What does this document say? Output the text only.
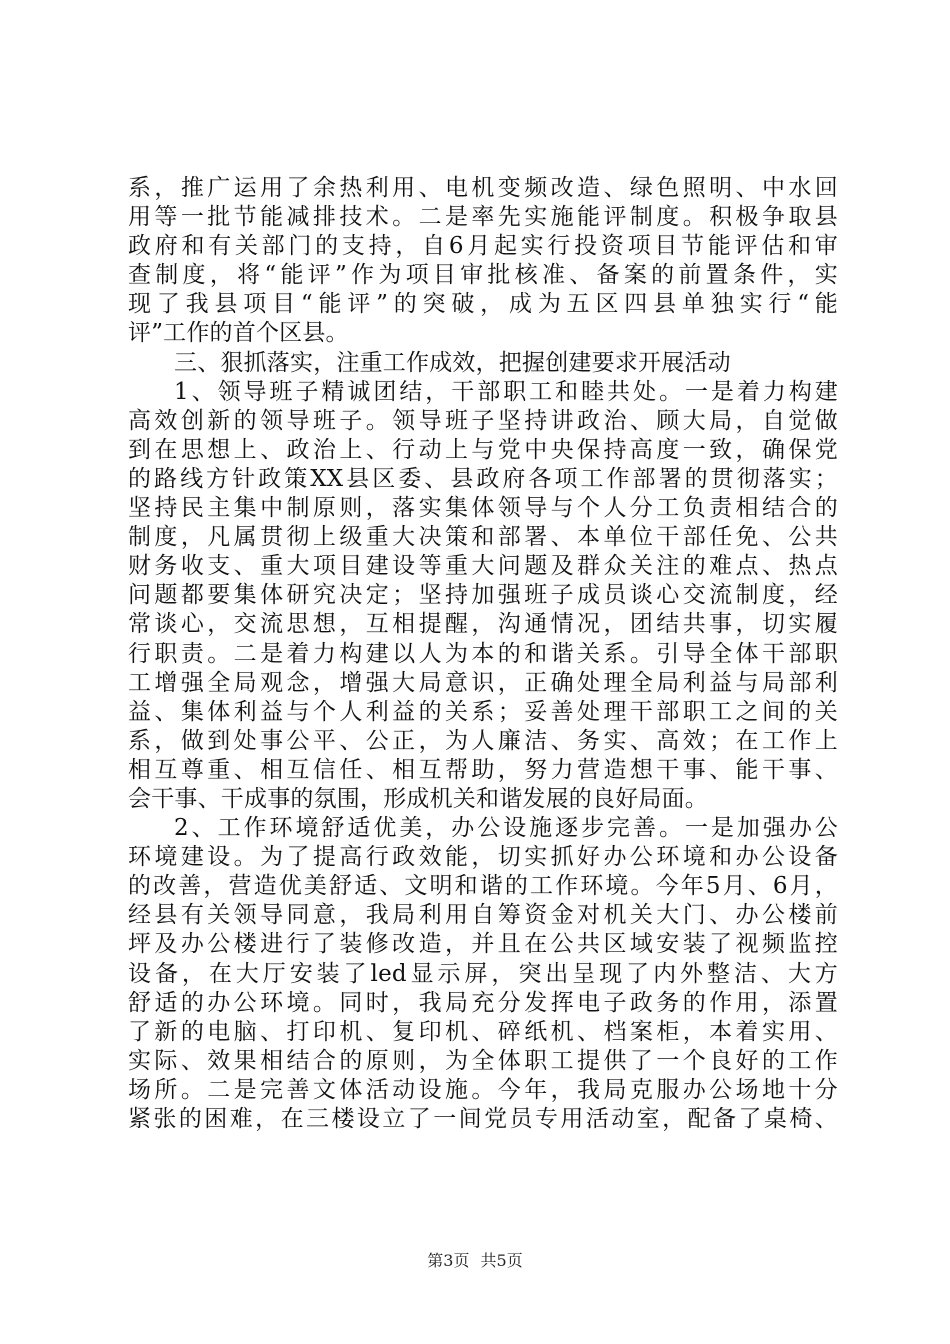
系，推广运用了余热利用、电机变频改造、绿色照明、中水回
用等一批节能减排技术。二是率先实施能评制度。积极争取县
政府和有关部门的支持，自6月起实行投资项目节能评估和审
查制度，将“能评”作为项目审批核准、备案的前置条件，实
现了我县项目“能评”的突破，成为五区四县单独实行“能
评”工作的首个区县。
三、狠抓落实，注重工作成效，把握创建要求开展活动
1、领导班子精诚团结，干部职工和睦共处。一是着力构建
高效创新的领导班子。领导班子坚持讲政治、顾大局，自觉做
到在思想上、政治上、行动上与党中央保持高度一致，确保党
的路线方针政策XX县区委、县政府各项工作部署的贯彻落实；
坚持民主集中制原则，落实集体领导与个人分工负责相结合的
制度，凡属贯彻上级重大决策和部署、本单位干部任免、公共
财务收支、重大项目建设等重大问题及群众关注的难点、热点
问题都要集体研究决定；坚持加强班子成员谈心交流制度，经
常谈心，交流思想，互相提醒，沟通情况，团结共事，切实履
行职责。二是着力构建以人为本的和谐关系。引导全体干部职
工增强全局观念，增强大局意识，正确处理全局利益与局部利
益、集体利益与个人利益的关系；妥善处理干部职工之间的关
系，做到处事公平、公正，为人廉洁、务实、高效；在工作上
相互尊重、相互信任、相互帮助，努力营造想干事、能干事、
会干事、干成事的氛围，形成机关和谐发展的良好局面。
2、工作环境舒适优美，办公设施逐步完善。一是加强办公
环境建设。为了提高行政效能，切实抓好办公环境和办公设备
的改善，营造优美舒适、文明和谐的工作环境。今年5月、6月，
经县有关领导同意，我局利用自筹资金对机关大门、办公楼前
坪及办公楼进行了装修改造，并且在公共区域安装了视频监控
设备，在大厅安装了led显示屏，突出呈现了内外整洁、大方
舒适的办公环境。同时，我局充分发挥电子政务的作用，添置
了新的电脑、打印机、复印机、碎纸机、档案柜，本着实用、
实际、效果相结合的原则，为全体职工提供了一个良好的工作
场所。二是完善文体活动设施。今年，我局克服办公场地十分
紧张的困难，在三楼设立了一间党员专用活动室，配备了桌椅、
第3页 共5页
